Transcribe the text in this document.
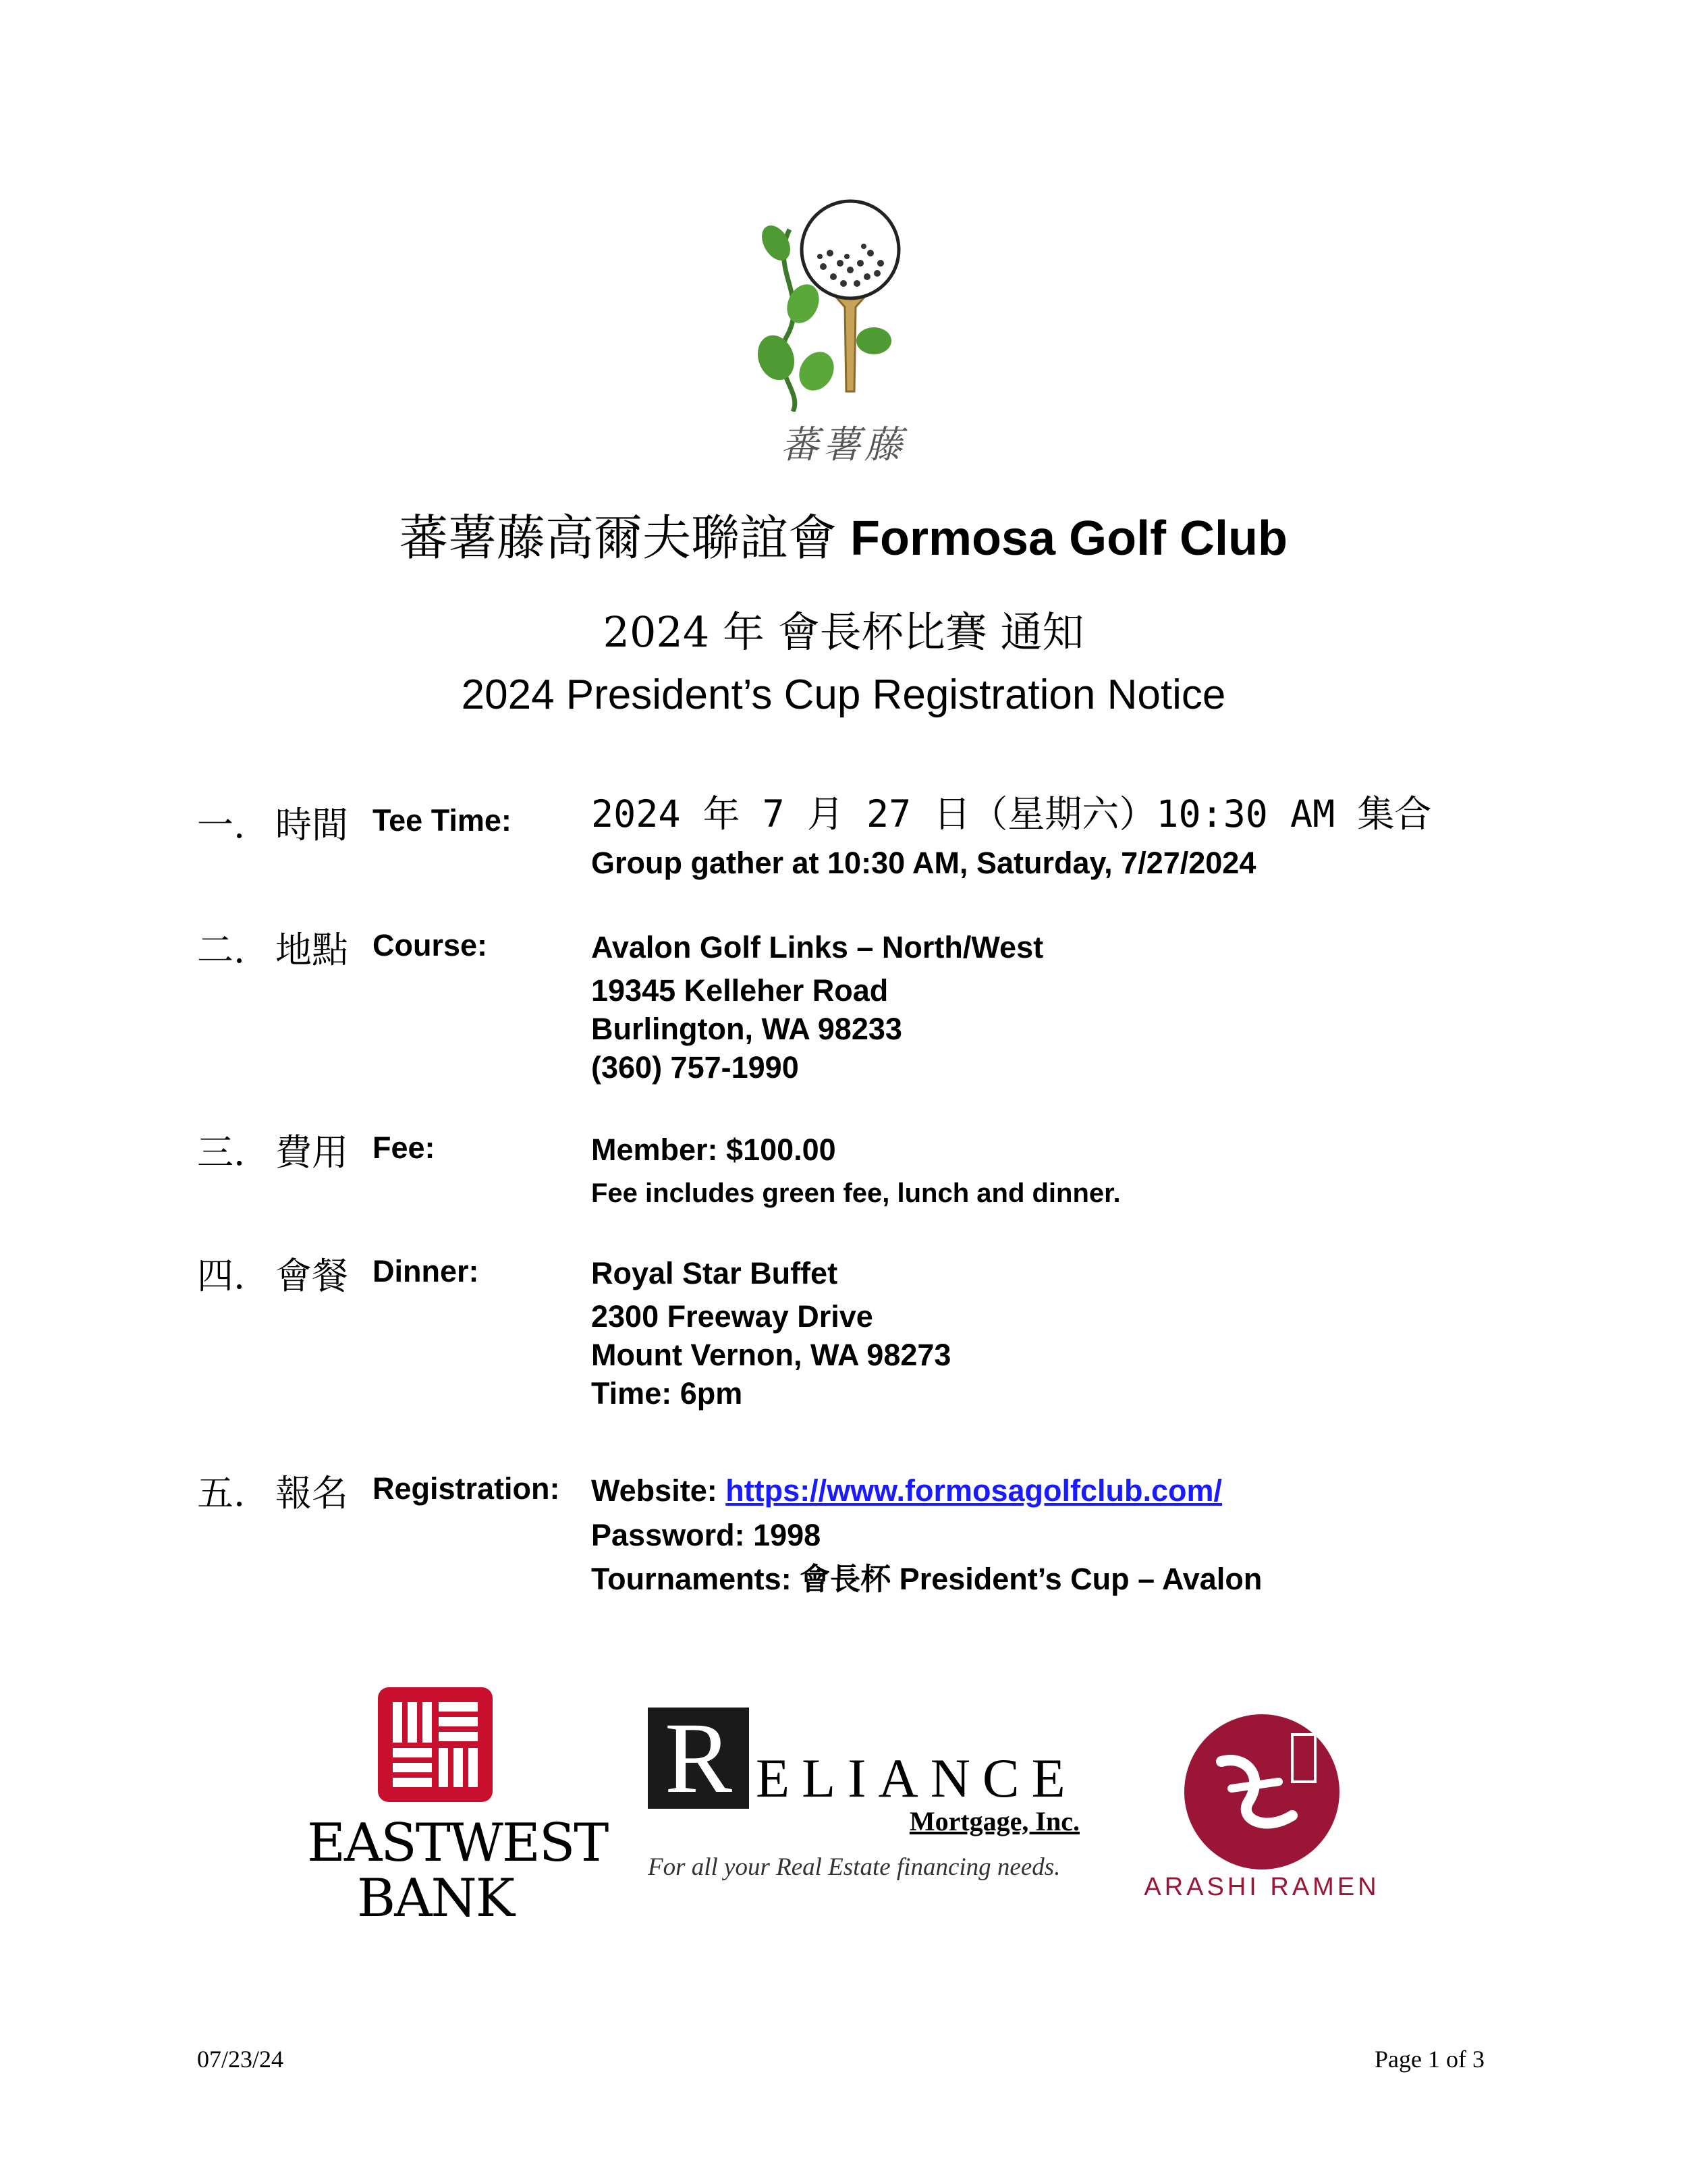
蕃薯藤
蕃薯藤高爾夫聯誼會 Formosa Golf Club
2024 年 會長杯比賽 通知
2024 President’s Cup Registration Notice
一. 時間 Tee Time: 2024 年 7 月 27 日（星期六）10:30 AM 集合
Group gather at 10:30 AM, Saturday, 7/27/2024
二. 地點 Course:	Avalon Golf Links – North/West
19345 Kelleher Road
Burlington, WA 98233
(360) 757-1990
三. 費用 Fee:	Member: $100.00
Fee includes green fee, lunch and dinner.
四. 會餐 Dinner:	Royal Star Buffet
2300 Freeway Drive
Mount Vernon, WA 98273
Time: 6pm
五. 報名 Registration: Website: https://www.formosagolfclub.com/
Password: 1998
Tournaments: 會長杯 President’s Cup – Avalon
EASTWEST
BANK
R ELIANCE
Mortgage, Inc.
For all your Real Estate financing needs.
ARASHI RAMEN
07/23/24	Page 1 of 3
